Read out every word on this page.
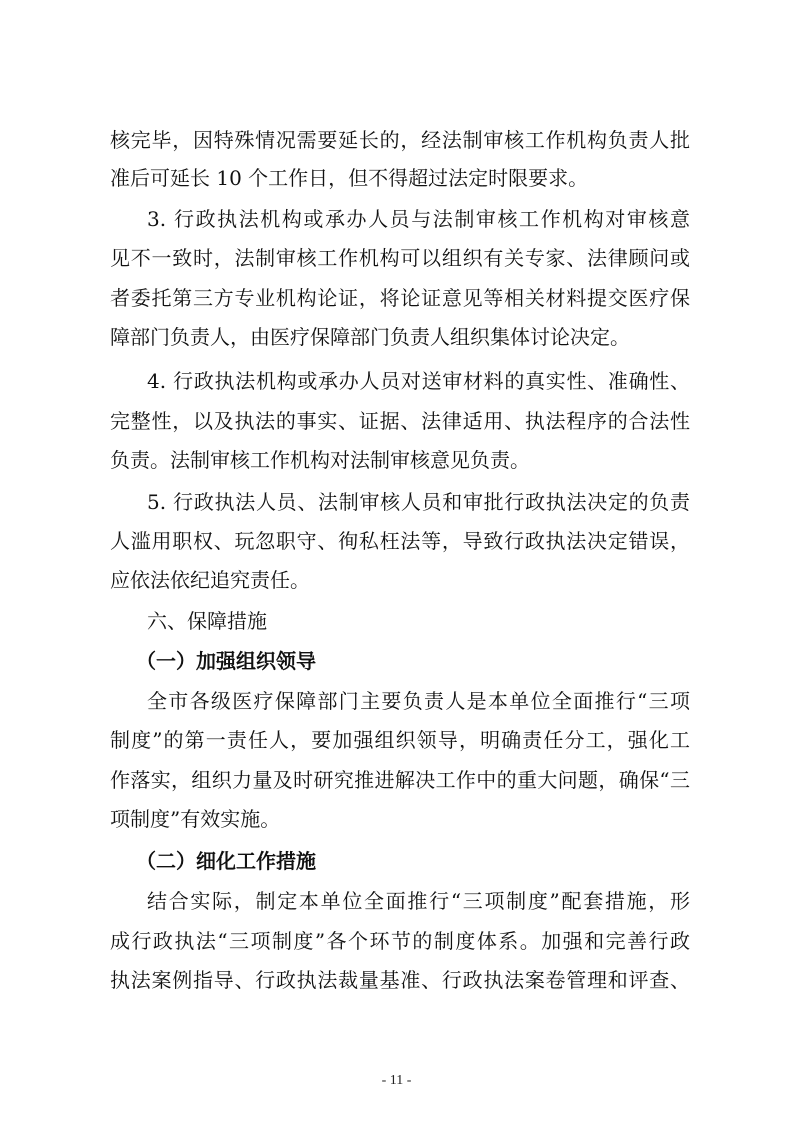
核完毕，因特殊情况需要延长的，经法制审核工作机构负责人批
准后可延长 10 个工作日，但不得超过法定时限要求。
3. 行政执法机构或承办人员与法制审核工作机构对审核意
见不一致时，法制审核工作机构可以组织有关专家、法律顾问或
者委托第三方专业机构论证，将论证意见等相关材料提交医疗保
障部门负责人，由医疗保障部门负责人组织集体讨论决定。
4. 行政执法机构或承办人员对送审材料的真实性、准确性、
完整性，以及执法的事实、证据、法律适用、执法程序的合法性
负责。法制审核工作机构对法制审核意见负责。
5. 行政执法人员、法制审核人员和审批行政执法决定的负责
人滥用职权、玩忽职守、徇私枉法等，导致行政执法决定错误，
应依法依纪追究责任。
六、保障措施
（一）加强组织领导
全市各级医疗保障部门主要负责人是本单位全面推行“三项
制度”的第一责任人，要加强组织领导，明确责任分工，强化工
作落实，组织力量及时研究推进解决工作中的重大问题，确保“三
项制度”有效实施。
（二）细化工作措施
结合实际，制定本单位全面推行“三项制度”配套措施，形
成行政执法“三项制度”各个环节的制度体系。加强和完善行政
执法案例指导、行政执法裁量基准、行政执法案卷管理和评查、
- 11 -
